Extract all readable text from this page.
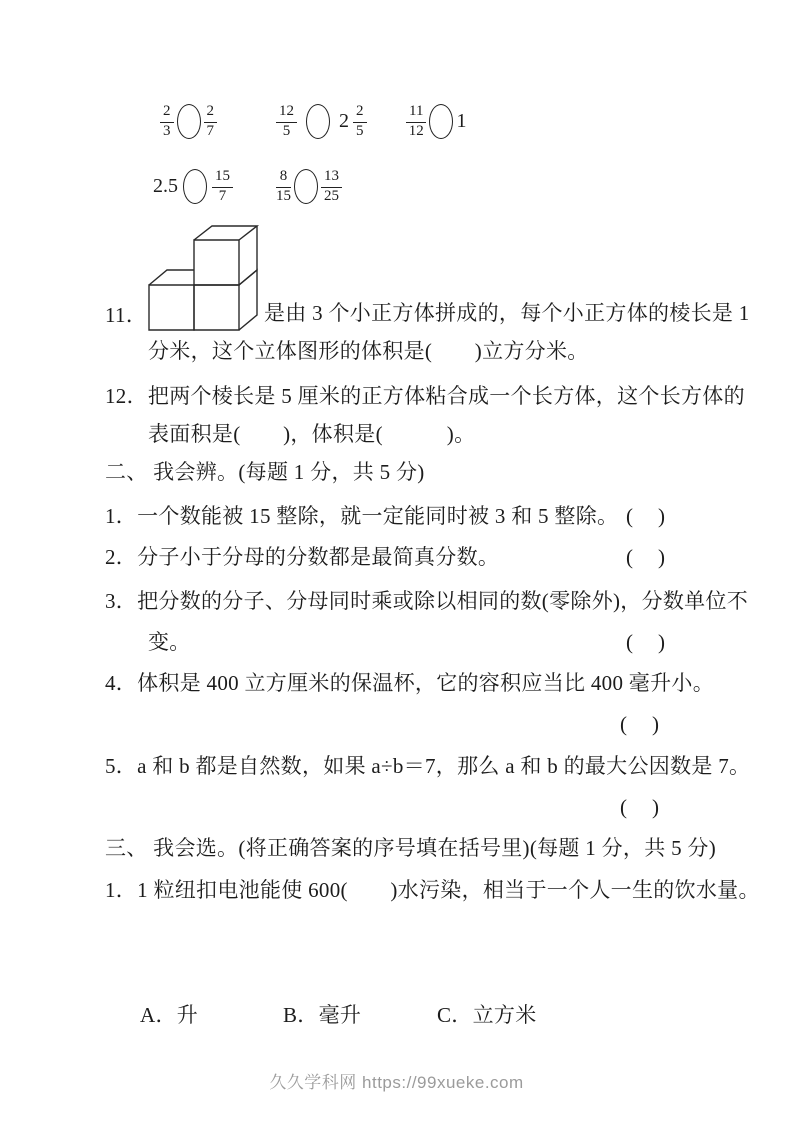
$\frac{2}{3} \frac{2}{7}$	$\frac{12}{5} 2 \frac{2}{5}$	$\frac{11}{12} 1$
$2.5 \frac{15}{7}$	$\frac{8}{15} \frac{13}{25}$
11．	是由 3 个小正方体拼成的，每个小正方体的棱长是 1
分米，这个立体图形的体积是(　　)立方分米。
12．把两个棱长是 5 厘米的正方体粘合成一个长方体，这个长方体的
表面积是(　　)，体积是(　　　)。
二、 我会辨。(每题 1 分，共 5 分)
1．一个数能被 15 整除，就一定能同时被 3 和 5 整除。 (　)
2．分子小于分母的分数都是最简真分数。	(　)
3．把分数的分子、分母同时乘或除以相同的数(零除外)，分数单位不
变。	(　)
4．体积是 400 立方厘米的保温杯，它的容积应当比 400 毫升小。
(　)
5．a 和 b 都是自然数，如果 a÷b＝7，那么 a 和 b 的最大公因数是 7。
(　)
三、 我会选。(将正确答案的序号填在括号里)(每题 1 分，共 5 分)
1．1 粒纽扣电池能使 600(　　)水污染，相当于一个人一生的饮水量。
A．升	B．毫升	C．立方米
久久学科网 https://99xueke.com
